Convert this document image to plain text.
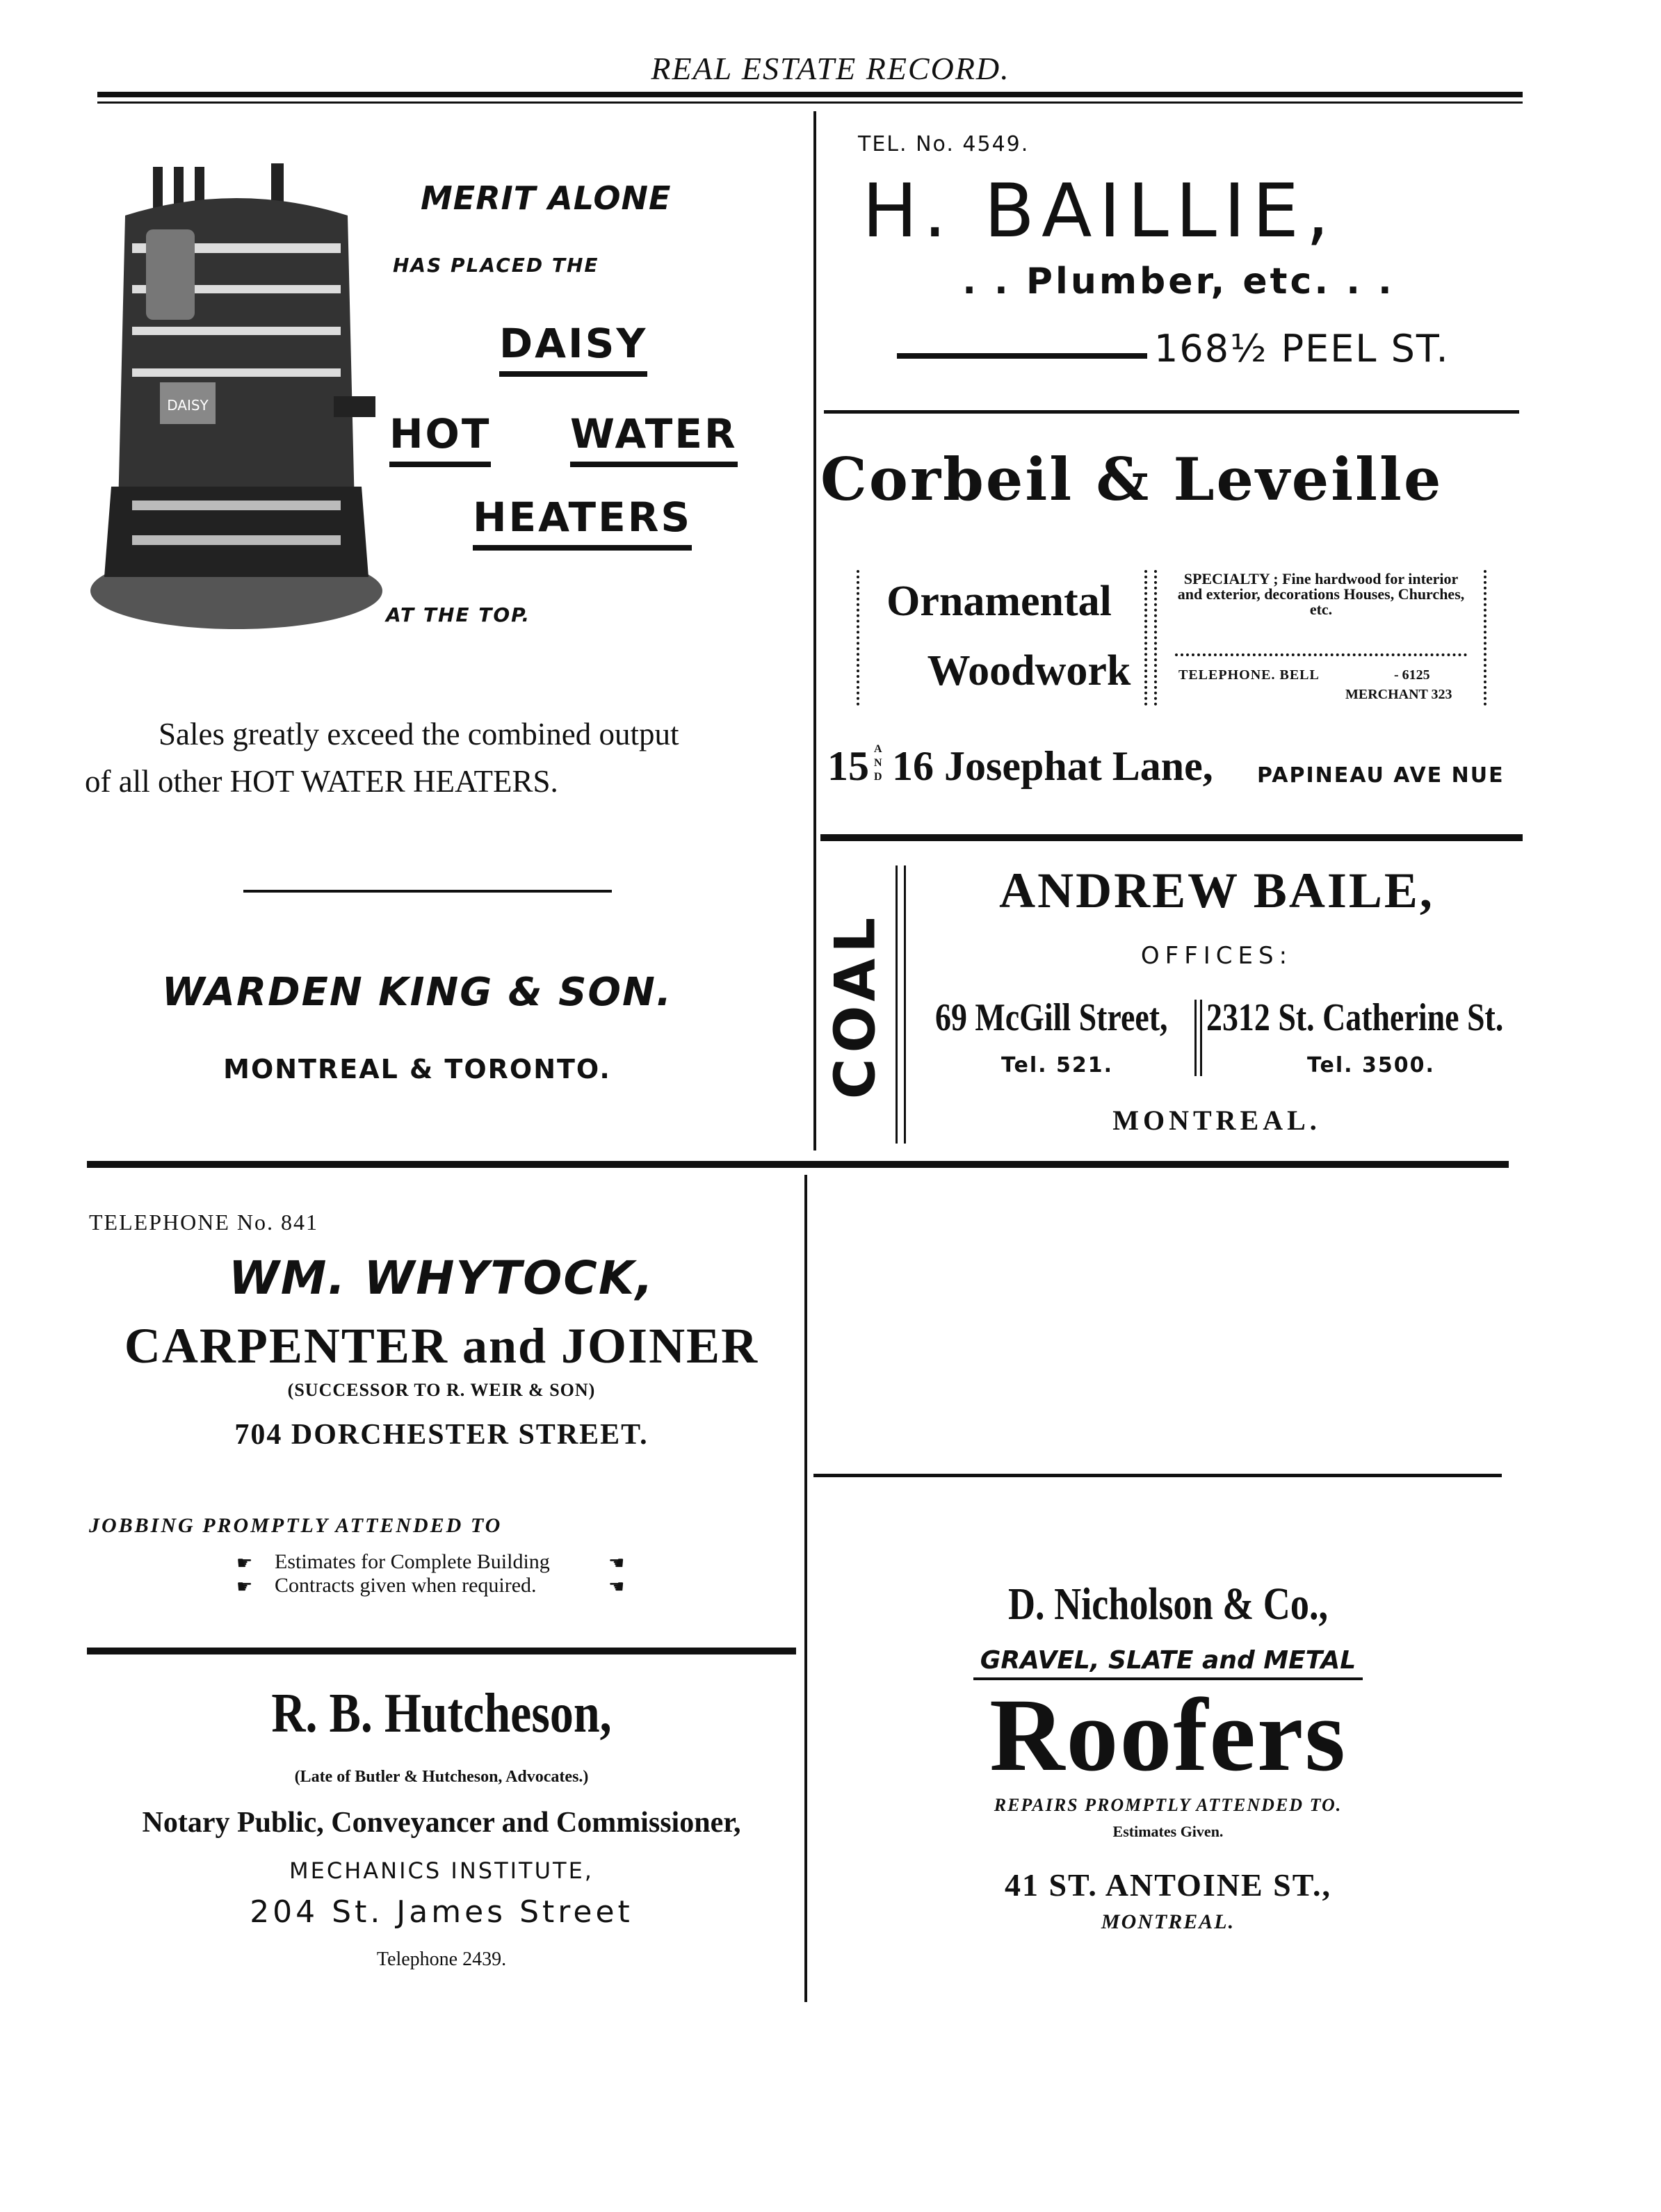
REAL ESTATE RECORD.
DAISY
MERIT ALONE
HAS PLACED THE
DAISY
HOT WATER
HEATERS
AT THE TOP.
Sales greatly exceed the combined output
of all other HOT WATER HEATERS.
WARDEN KING & SON.
MONTREAL & TORONTO.
TEL. No. 4549.
H. BAILLIE,
. . Plumber, etc. . .
168½ PEEL ST.
Corbeil & Leveille
Ornamental
Woodwork
SPECIALTY ; Fine hardwood for interior and exterior, decorations Houses, Churches, etc.
TELEPHONE. BELL	- 6125
MERCHANT 323
15 AND 16 Josephat Lane, PAPINEAU AVE NUE
COAL
ANDREW BAILE,
OFFICES:
69 McGill Street,
Tel. 521.
2312 St. Catherine St.
Tel. 3500.
MONTREAL.
TELEPHONE No. 841
WM. WHYTOCK,
CARPENTER and JOINER
(SUCCESSOR TO R. WEIR & SON)
704 DORCHESTER STREET.
JOBBING PROMPTLY ATTENDED TO
☛ Estimates for Complete Building	☚
☛ Contracts given when required.	☚
R. B. Hutcheson,
(Late of Butler & Hutcheson, Advocates.)
Notary Public, Conveyancer and Commissioner,
MECHANICS INSTITUTE,
204 St. James Street
Telephone 2439.
D. Nicholson & Co.,
GRAVEL, SLATE and METAL
Roofers
REPAIRS PROMPTLY ATTENDED TO.
Estimates Given.
41 ST. ANTOINE ST.,
MONTREAL.
